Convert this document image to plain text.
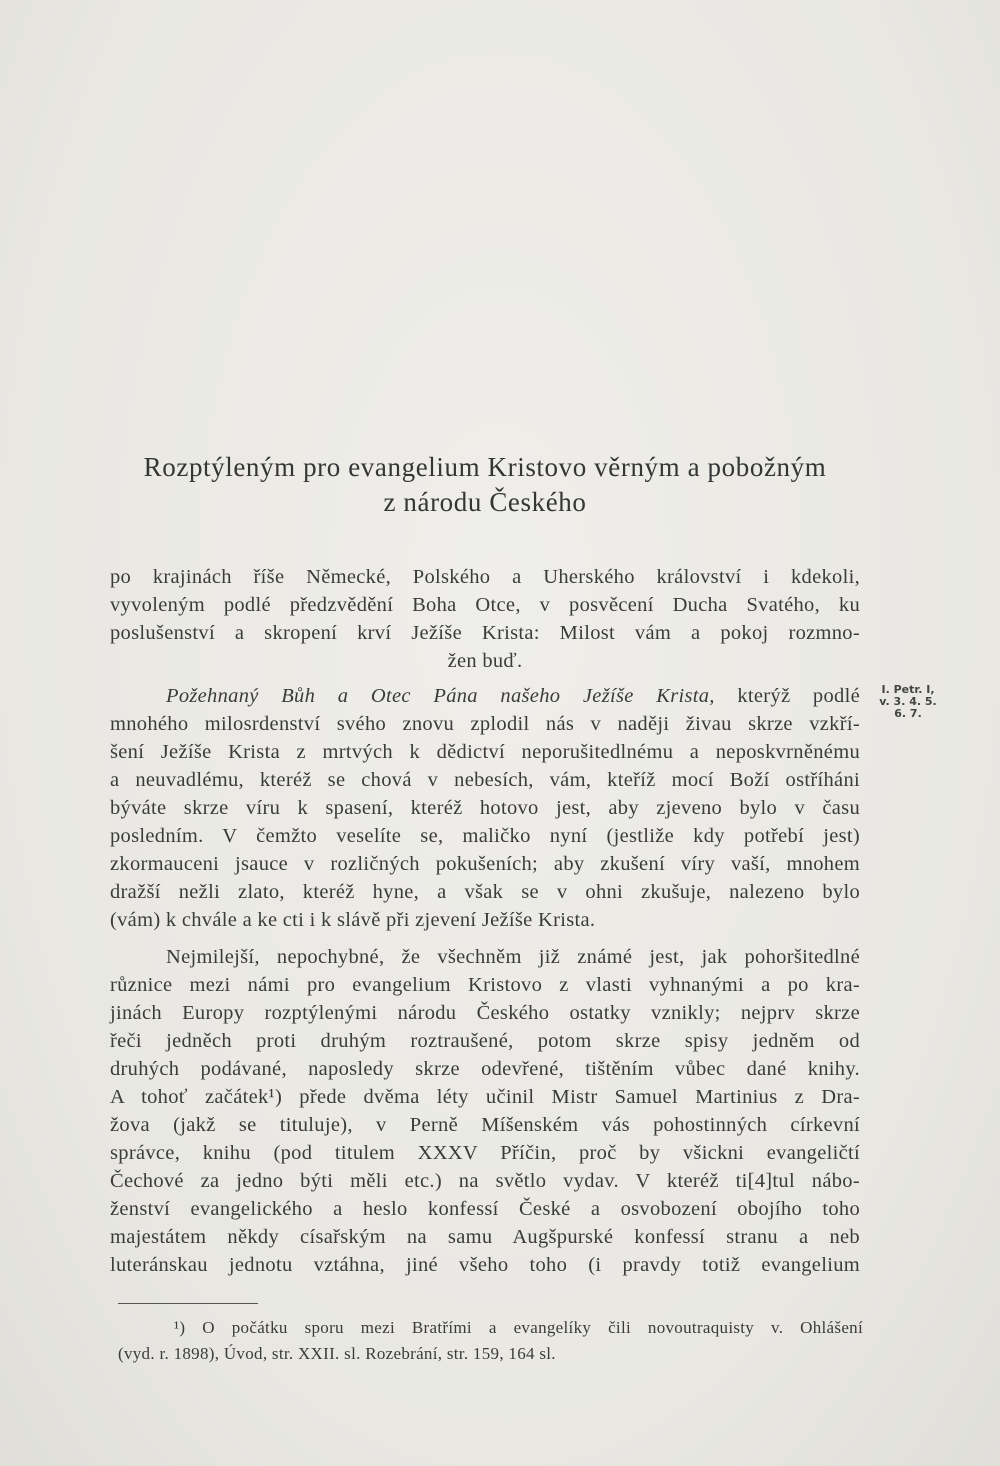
Rozptýleným pro evangelium Kristovo věrným a pobožným
z národu Českého
po krajinách říše Německé, Polského a Uherského království i kdekoli,
vyvoleným podlé předzvědění Boha Otce, v posvěcení Ducha Svatého, ku
poslušenství a skropení krví Ježíše Krista: Milost vám a pokoj rozmno-
žen buď.
Požehnaný Bůh a Otec Pána našeho Ježíše Krista, kterýž podlé
mnohého milosrdenství svého znovu zplodil nás v naději živau skrze vzkří-
šení Ježíše Krista z mrtvých k dědictví neporušitedlnému a neposkvrněnému
a neuvadlému, kteréž se chová v nebesích, vám, kteříž mocí Boží ostříháni
býváte skrze víru k spasení, kteréž hotovo jest, aby zjeveno bylo v času
posledním. V čemžto veselíte se, maličko nyní (jestliže kdy potřebí jest)
zkormauceni jsauce v rozličných pokušeních; aby zkušení víry vaší, mnohem
dražší nežli zlato, kteréž hyne, a však se v ohni zkušuje, nalezeno bylo
(vám) k chvále a ke cti i k slávě při zjevení Ježíše Krista.
I. Petr. I,
v. 3. 4. 5.
6. 7.
Nejmilejší, nepochybné, že všechněm již známé jest, jak pohoršitedlné
různice mezi námi pro evangelium Kristovo z vlasti vyhnanými a po kra-
jinách Europy rozptýlenými národu Českého ostatky vznikly; nejprv skrze
řeči jedněch proti druhým roztraušené, potom skrze spisy jedněm od
druhých podávané, naposledy skrze odevřené, tištěním vůbec dané knihy.
A tohoť začátek¹) přede dvěma léty učinil Mistr Samuel Martinius z Dra-
žova (jakž se tituluje), v Perně Míšenském vás pohostinných církevní
správce, knihu (pod titulem XXXV Příčin, proč by všickni evangeličtí
Čechové za jedno býti měli etc.) na světlo vydav. V kteréž ti[4]tul nábo-
ženství evangelického a heslo konfessí České a osvobození obojího toho
majestátem někdy císařským na samu Augšpurské konfessí stranu a neb
luteránskau jednotu vztáhna, jiné všeho toho (i pravdy totiž evangelium
¹) O počátku sporu mezi Bratřími a evangelíky čili novoutraquisty v. Ohlášení
(vyd. r. 1898), Úvod, str. XXII. sl. Rozebrání, str. 159, 164 sl.
